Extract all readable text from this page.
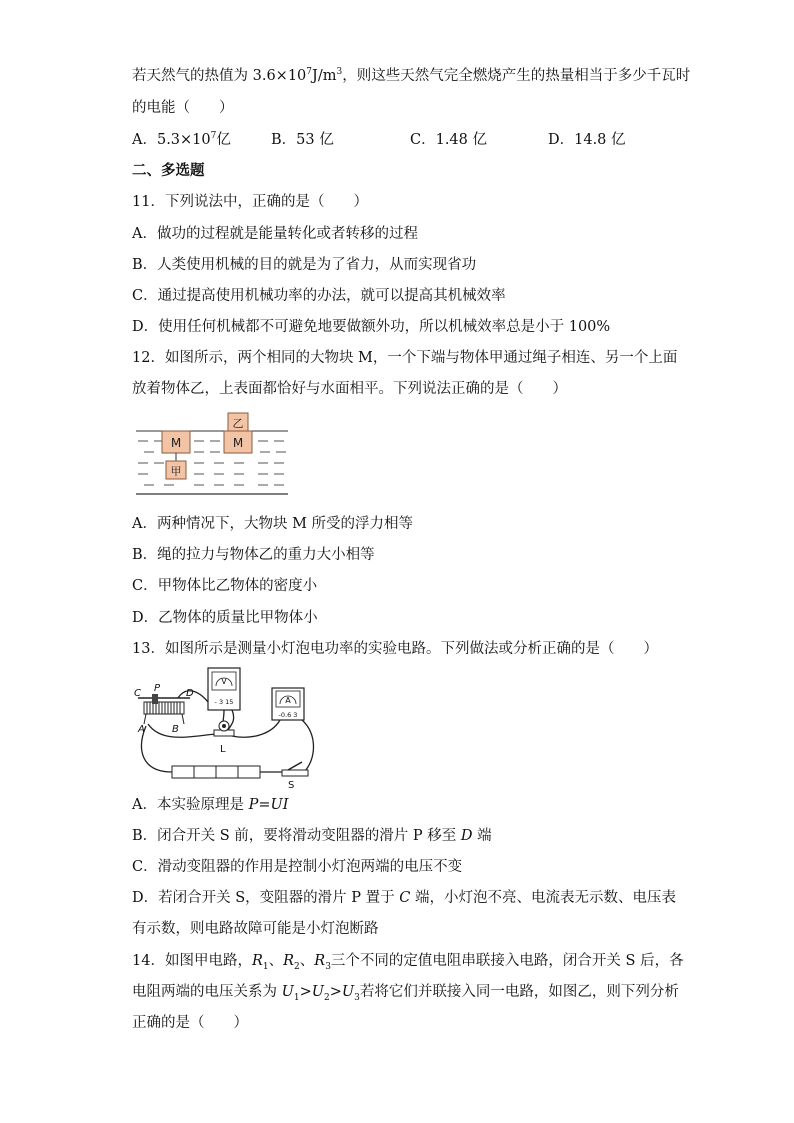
若天然气的热值为 $3.6\times 10^7J/m^3$，则这些天然气完全燃烧产生的热量相当于多少千瓦时
的电能（　　）
A．$5.3\times 10^7$亿	B．53 亿	C．1.48 亿	D．14.8 亿
二、多选题
11．下列说法中，正确的是（　　）
A．做功的过程就是能量转化或者转移的过程
B．人类使用机械的目的就是为了省力，从而实现省功
C．通过提高使用机械功率的办法，就可以提高其机械效率
D．使用任何机械都不可避免地要做额外功，所以机械效率总是小于 100%
12．如图所示，两个相同的大物块 M，一个下端与物体甲通过绳子相连、另一个上面
放着物体乙，上表面都恰好与水面相平。下列说法正确的是（　　）
M
甲
乙
M
A．两种情况下，大物块 M 所受的浮力相等
B．绳的拉力与物体乙的重力大小相等
C．甲物体比乙物体的密度小
D．乙物体的质量比甲物体小
13．如图所示是测量小灯泡电功率的实验电路。下列做法或分析正确的是（　　）
C P	D
A	B
V
- 3 15	A
-0.6 3
L
S
A．本实验原理是 P=UI
B．闭合开关 S 前，要将滑动变阻器的滑片 P 移至 D 端
C．滑动变阻器的作用是控制小灯泡两端的电压不变
D．若闭合开关 S，变阻器的滑片 P 置于 C 端，小灯泡不亮、电流表无示数、电压表
有示数，则电路故障可能是小灯泡断路
14．如图甲电路，$R_1$、$R_2$、$R_3$三个不同的定值电阻串联接入电路，闭合开关 S 后，各
电阻两端的电压关系为 $U_1>U_2>U_3$若将它们并联接入同一电路，如图乙，则下列分析
正确的是（　　）
